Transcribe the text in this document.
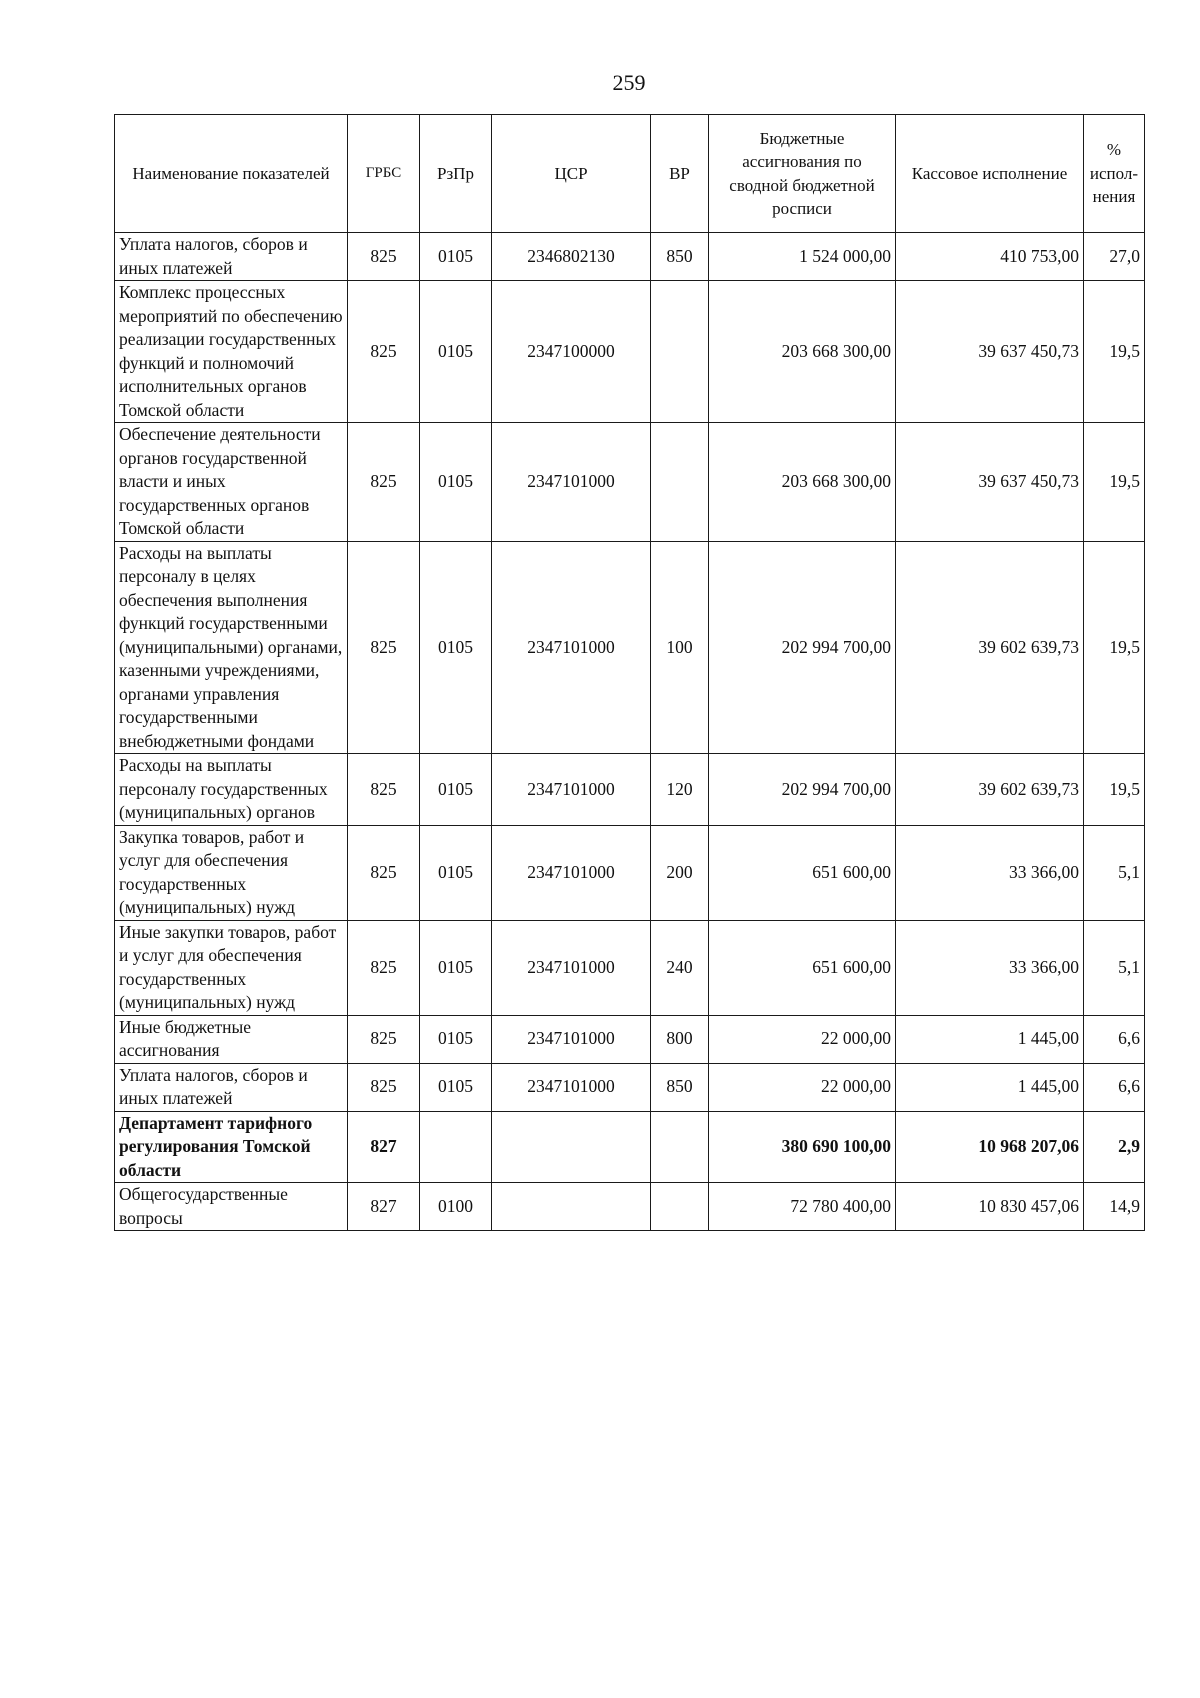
259
Наименование показателей	ГРБС	РзПр	ЦСР	ВР	Бюджетные ассигнования по сводной бюджетной росписи	Кассовое исполнение	% испол-нения
Уплата налогов, сборов и иных платежей	825	0105	2346802130	850	1 524 000,00	410 753,00	27,0
Комплекс процессных мероприятий по обеспечению реализации государственных функций и полномочий исполнительных органов Томской области	825	0105	2347100000		203 668 300,00	39 637 450,73	19,5
Обеспечение деятельности органов государственной власти и иных государственных органов Томской области	825	0105	2347101000		203 668 300,00	39 637 450,73	19,5
Расходы на выплаты персоналу в целях обеспечения выполнения функций государственными (муниципальными) органами, казенными учреждениями, органами управления государственными внебюджетными фондами	825	0105	2347101000	100	202 994 700,00	39 602 639,73	19,5
Расходы на выплаты персоналу государственных (муниципальных) органов	825	0105	2347101000	120	202 994 700,00	39 602 639,73	19,5
Закупка товаров, работ и услуг для обеспечения государственных (муниципальных) нужд	825	0105	2347101000	200	651 600,00	33 366,00	5,1
Иные закупки товаров, работ и услуг для обеспечения государственных (муниципальных) нужд	825	0105	2347101000	240	651 600,00	33 366,00	5,1
Иные бюджетные ассигнования	825	0105	2347101000	800	22 000,00	1 445,00	6,6
Уплата налогов, сборов и иных платежей	825	0105	2347101000	850	22 000,00	1 445,00	6,6
Департамент тарифного регулирования Томской области	827				380 690 100,00	10 968 207,06	2,9
Общегосударственные вопросы	827	0100			72 780 400,00	10 830 457,06	14,9
